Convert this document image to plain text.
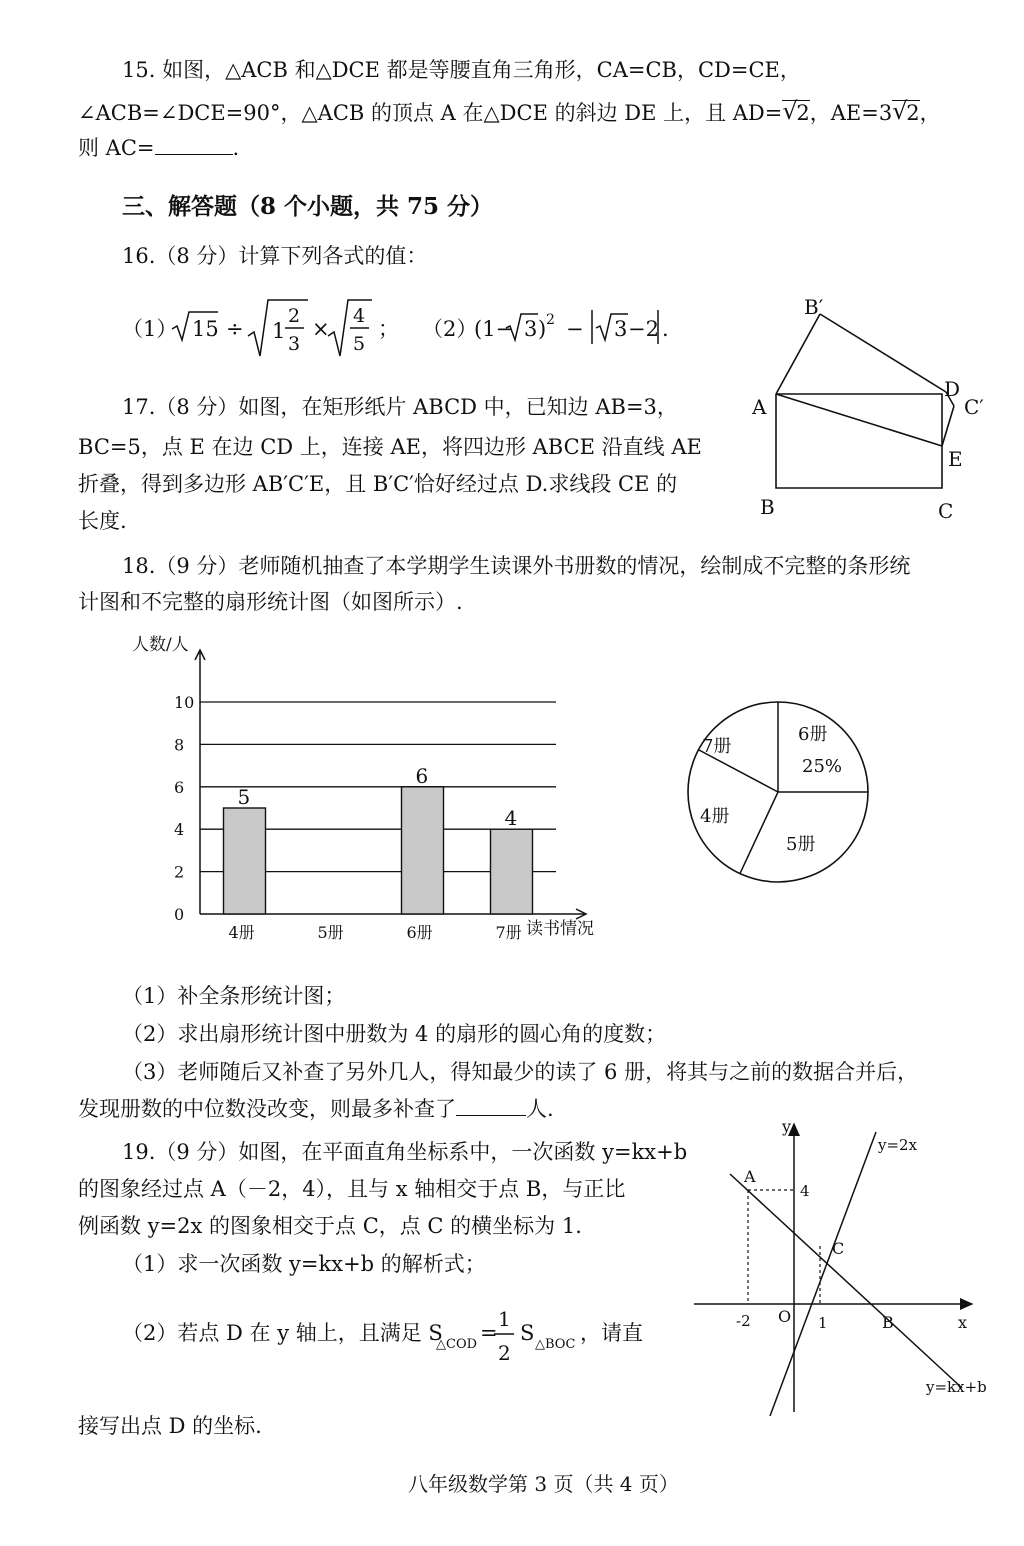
15. 如图，△ACB 和△DCE 都是等腰直角三角形，CA=CB，CD=CE，
∠ACB=∠DCE=90°，△ACB 的顶点 A 在△DCE 的斜边 DE 上，且 AD= √
2，AE=3 √
2，
则 AC=	.
三、解答题（8 个小题，共 75 分）
16.（8 分）计算下列各式的值：
（1） 15 ÷ 1
2
3
×
4
5
； （2）
(1− 3 ) 2 − 3 −2 .
B′
A
D
C′
E
B	C
17.（8 分）如图，在矩形纸片 ABCD 中，已知边 AB=3，
BC=5，点 E 在边 CD 上，连接 AE，将四边形 ABCE 沿直线 AE
折叠，得到多边形 AB′C′E，且 B′C′恰好经过点 D.求线段 CE 的
长度.
18.（9 分）老师随机抽查了本学期学生读课外书册数的情况，绘制成不完整的条形统
计图和不完整的扇形统计图（如图所示）.
人数/人
读书情况
0
2
4
6
8
10
5
4册	5册
6
6册
4
7册
6册
25%
5册
4册
7册
（1）补全条形统计图；
（2）求出扇形统计图中册数为 4 的扇形的圆心角的度数；
（3）老师随后又补查了另外几人，得知最少的读了 6 册，将其与之前的数据合并后，
发现册数的中位数没改变，则最多补查了	人.
19.（9 分）如图，在平面直角坐标系中，一次函数 y=kx+b
的图象经过点 A（－2，4），且与 x 轴相交于点 B，与正比
例函数 y=2x 的图象相交于点 C，点 C 的横坐标为 1.
（1）求一次函数 y=kx+b 的解析式；
（2）若点 D 在 y 轴上，且满足 S
△COD =
1
2
S △BOC ，请直
接写出点 D 的坐标.
y
x
O
A
B
C
4
-2	1
y=2x
y=kx+b
八年级数学第 3 页（共 4 页）
